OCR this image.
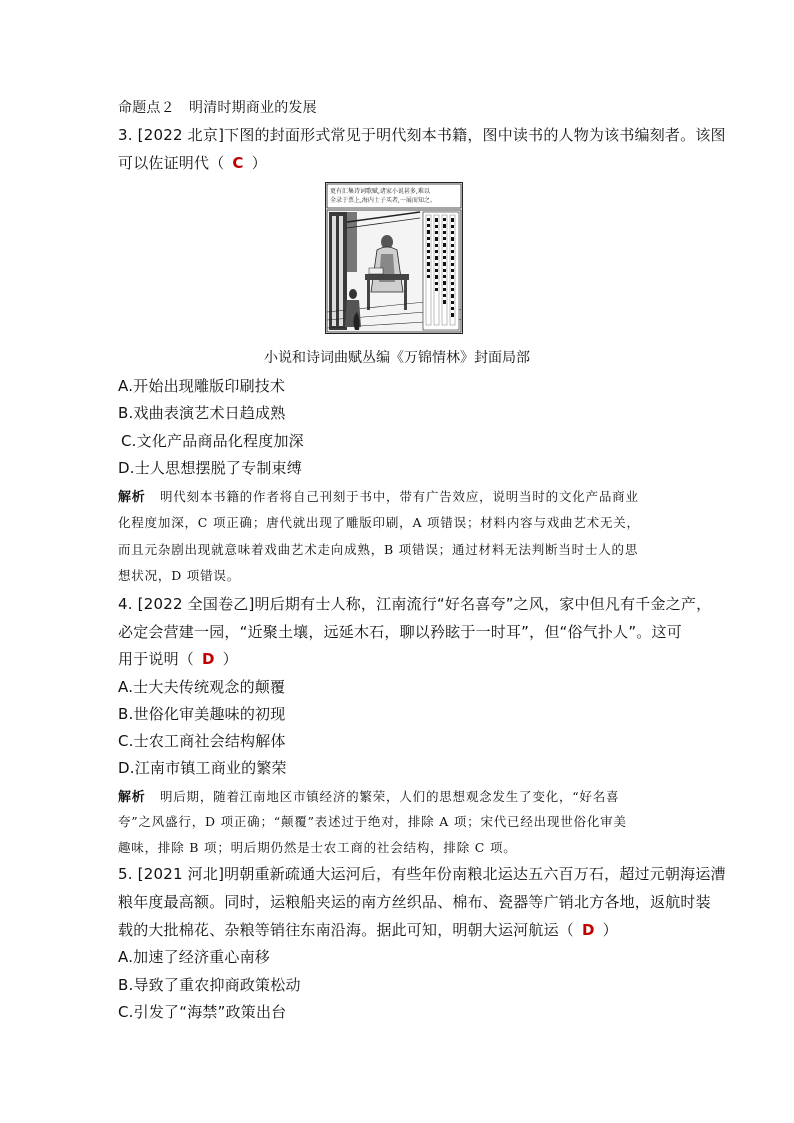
命题点２　明清时期商业的发展
3. [2022 北京]下图的封面形式常见于明代刻本书籍，图中读书的人物为该书编刻者。该图
可以佐证明代（ C ）
更有汇集诗词歌赋,诸家小说甚多,难以
全录于票上,海内士子买者,一展而知之。
小说和诗词曲赋丛编《万锦情林》封面局部
A.开始出现雕版印刷技术
B.戏曲表演艺术日趋成熟
C.文化产品商品化程度加深
D.士人思想摆脱了专制束缚
解析 明代刻本书籍的作者将自己刊刻于书中，带有广告效应，说明当时的文化产品商业
化程度加深，C 项正确；唐代就出现了雕版印刷，A 项错误；材料内容与戏曲艺术无关，
而且元杂剧出现就意味着戏曲艺术走向成熟，B 项错误；通过材料无法判断当时士人的思
想状况，D 项错误。
4. [2022 全国卷乙]明后期有士人称，江南流行“好名喜夸”之风，家中但凡有千金之产，
必定会营建一园，“近聚土壤，远延木石，聊以矜眩于一时耳”，但“俗气扑人”。这可
用于说明（ D ）
A.士大夫传统观念的颠覆
B.世俗化审美趣味的初现
C.士农工商社会结构解体
D.江南市镇工商业的繁荣
解析 明后期，随着江南地区市镇经济的繁荣，人们的思想观念发生了变化，“好名喜
夸”之风盛行，D 项正确；“颠覆”表述过于绝对，排除 A 项；宋代已经出现世俗化审美
趣味，排除 B 项；明后期仍然是士农工商的社会结构，排除 C 项。
5. [2021 河北]明朝重新疏通大运河后，有些年份南粮北运达五六百万石，超过元朝海运漕
粮年度最高额。同时，运粮船夹运的南方丝织品、棉布、瓷器等广销北方各地，返航时装
载的大批棉花、杂粮等销往东南沿海。据此可知，明朝大运河航运（ D ）
A.加速了经济重心南移
B.导致了重农抑商政策松动
C.引发了“海禁”政策出台
